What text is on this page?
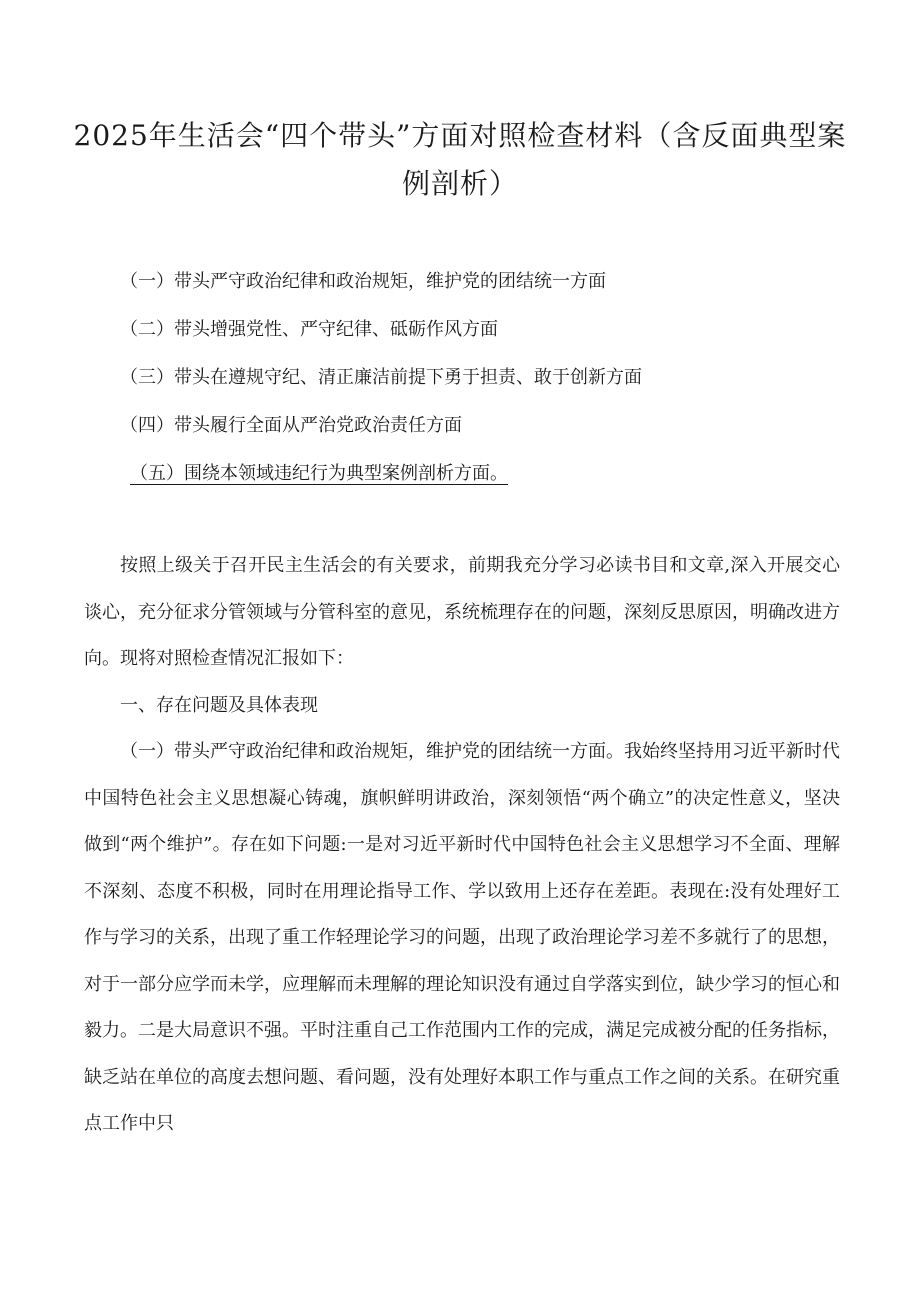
2025年生活会“四个带头”方面对照检查材料（含反面典型案例剖析）
（一）带头严守政治纪律和政治规矩，维护党的团结统一方面
（二）带头增强党性、严守纪律、砥砺作风方面
（三）带头在遵规守纪、清正廉洁前提下勇于担责、敢于创新方面
（四）带头履行全面从严治党政治责任方面
（五）围绕本领域违纪行为典型案例剖析方面。

按照上级关于召开民主生活会的有关要求，前期我充分学习必读书目和文章,深入开展交心谈心，充分征求分管领域与分管科室的意见，系统梳理存在的问题，深刻反思原因，明确改进方向。现将对照检查情况汇报如下：

一、存在问题及具体表现

（一）带头严守政治纪律和政治规矩，维护党的团结统一方面。我始终坚持用习近平新时代中国特色社会主义思想凝心铸魂，旗帜鲜明讲政治，深刻领悟“两个确立”的决定性意义，坚决做到“两个维护”。存在如下问题:一是对习近平新时代中国特色社会主义思想学习不全面、理解不深刻、态度不积极，同时在用理论指导工作、学以致用上还存在差距。表现在:没有处理好工作与学习的关系，出现了重工作轻理论学习的问题，出现了政治理论学习差不多就行了的思想，对于一部分应学而未学，应理解而未理解的理论知识没有通过自学落实到位，缺少学习的恒心和毅力。二是大局意识不强。平时注重自己工作范围内工作的完成，满足完成被分配的任务指标，缺乏站在单位的高度去想问题、看问题，没有处理好本职工作与重点工作之间的关系。在研究重点工作中只
